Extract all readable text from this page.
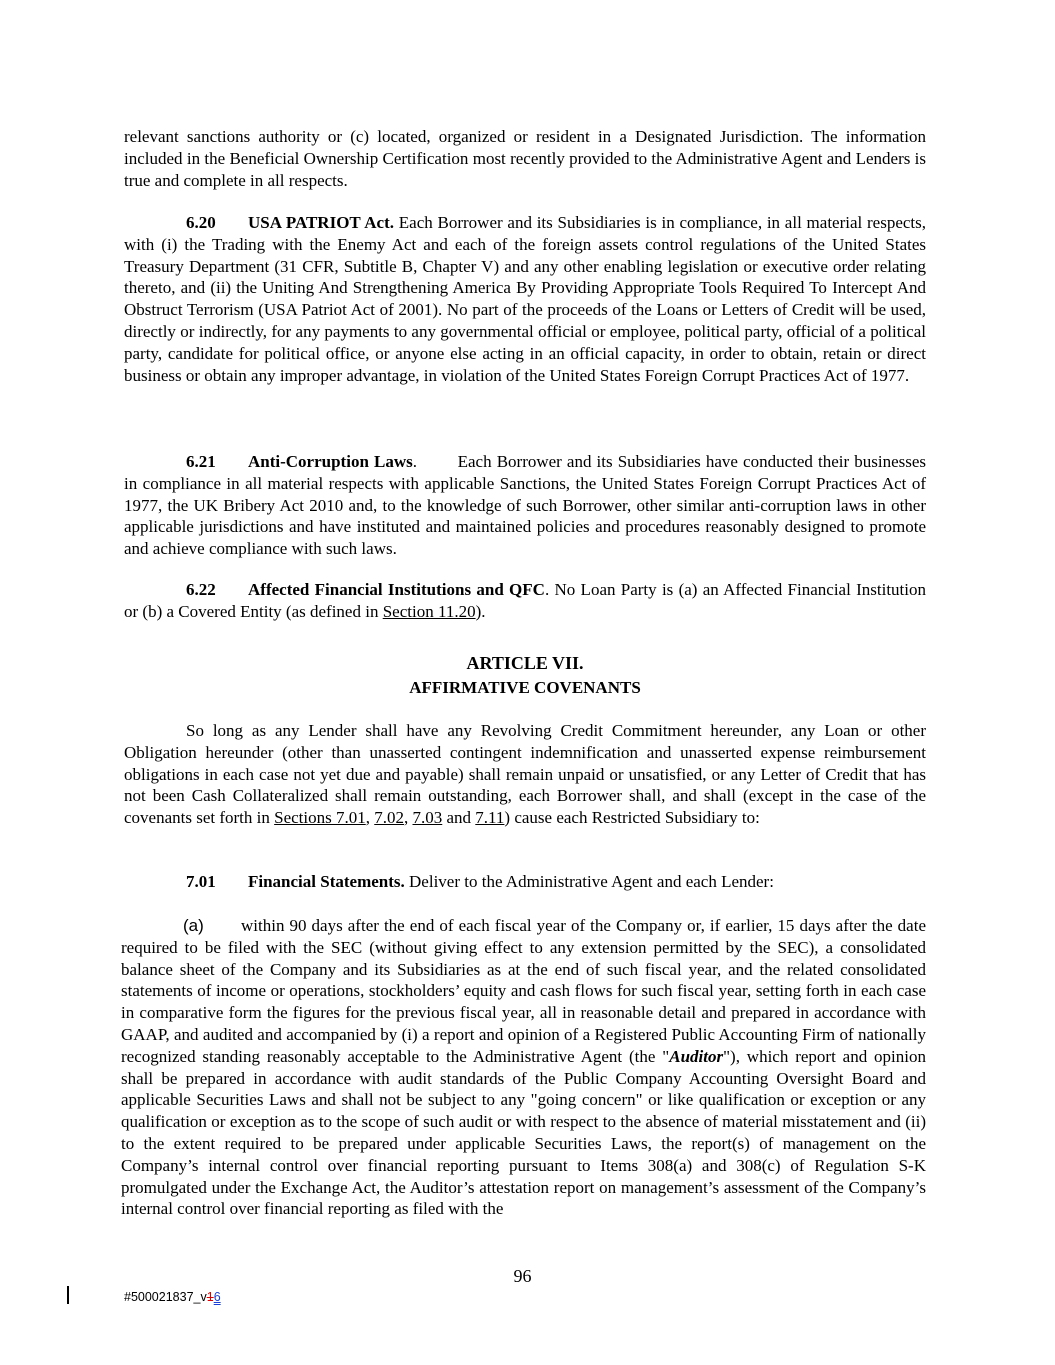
relevant sanctions authority or (c) located, organized or resident in a Designated Jurisdiction. The information included in the Beneficial Ownership Certification most recently provided to the Administrative Agent and Lenders is true and complete in all respects.

6.20 USA PATRIOT Act. Each Borrower and its Subsidiaries is in compliance, in all material respects, with (i) the Trading with the Enemy Act and each of the foreign assets control regulations of the United States Treasury Department (31 CFR, Subtitle B, Chapter V) and any other enabling legislation or executive order relating thereto, and (ii) the Uniting And Strengthening America By Providing Appropriate Tools Required To Intercept And Obstruct Terrorism (USA Patriot Act of 2001). No part of the proceeds of the Loans or Letters of Credit will be used, directly or indirectly, for any payments to any governmental official or employee, political party, official of a political party, candidate for political office, or anyone else acting in an official capacity, in order to obtain, retain or direct business or obtain any improper advantage, in violation of the United States Foreign Corrupt Practices Act of 1977.

6.21 Anti-Corruption Laws.        Each Borrower and its Subsidiaries have conducted their businesses in compliance in all material respects with applicable Sanctions, the United States Foreign Corrupt Practices Act of 1977, the UK Bribery Act 2010 and, to the knowledge of such Borrower, other similar anti-corruption laws in other applicable jurisdictions and have instituted and maintained policies and procedures reasonably designed to promote and achieve compliance with such laws.

6.22 Affected Financial Institutions and QFC. No Loan Party is (a) an Affected Financial Institution or (b) a Covered Entity (as defined in Section 11.20).

ARTICLE VII.

AFFIRMATIVE COVENANTS

So long as any Lender shall have any Revolving Credit Commitment hereunder, any Loan or other Obligation hereunder (other than unasserted contingent indemnification and unasserted expense reimbursement obligations in each case not yet due and payable) shall remain unpaid or unsatisfied, or any Letter of Credit that has not been Cash Collateralized shall remain outstanding, each Borrower shall, and shall (except in the case of the covenants set forth in Sections 7.01, 7.02, 7.03 and 7.11) cause each Restricted Subsidiary to:

7.01 Financial Statements. Deliver to the Administrative Agent and each Lender:

(a) within 90 days after the end of each fiscal year of the Company or, if earlier, 15 days after the date required to be filed with the SEC (without giving effect to any extension permitted by the SEC), a consolidated balance sheet of the Company and its Subsidiaries as at the end of such fiscal year, and the related consolidated statements of income or operations, stockholders’ equity and cash flows for such fiscal year, setting forth in each case in comparative form the figures for the previous fiscal year, all in reasonable detail and prepared in accordance with GAAP, and audited and accompanied by (i) a report and opinion of a Registered Public Accounting Firm of nationally recognized standing reasonably acceptable to the Administrative Agent (the "Auditor"), which report and opinion shall be prepared in accordance with audit standards of the Public Company Accounting Oversight Board and applicable Securities Laws and shall not be subject to any "going concern" or like qualification or exception or any qualification or exception as to the scope of such audit or with respect to the absence of material misstatement and (ii) to the extent required to be prepared under applicable Securities Laws, the report(s) of management on the Company’s internal control over financial reporting pursuant to Items 308(a) and 308(c) of Regulation S-K promulgated under the Exchange Act, the Auditor’s attestation report on management’s assessment of the Company’s internal control over financial reporting as filed with the

96
#500021837_v16
